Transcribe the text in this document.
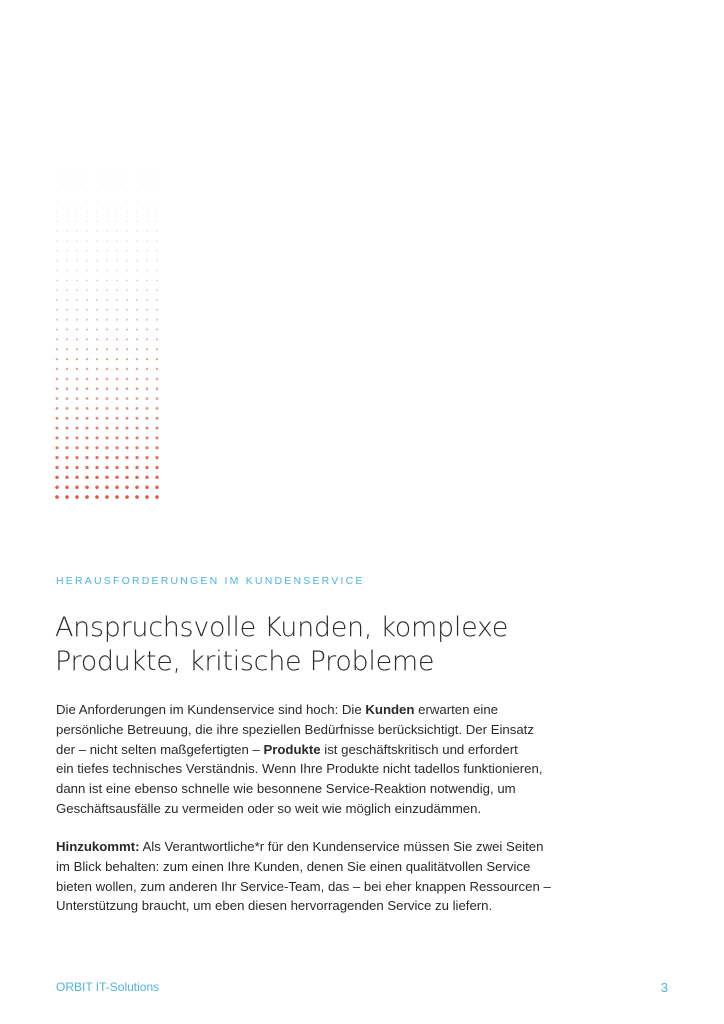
HERAUSFORDERUNGEN IM KUNDENSERVICE
Anspruchsvolle Kunden, komplexe
Produkte, kritische Probleme
Die Anforderungen im Kundenservice sind hoch: Die Kunden erwarten eine
persönliche Betreuung, die ihre speziellen Bedürfnisse berücksichtigt. Der Einsatz
der – nicht selten maßgefertigten – Produkte ist geschäftskritisch und erfordert
ein tiefes technisches Verständnis. Wenn Ihre Produkte nicht tadellos funktionieren,
dann ist eine ebenso schnelle wie besonnene Service-Reaktion notwendig, um
Geschäftsausfälle zu vermeiden oder so weit wie möglich einzudämmen.
Hinzukommt: Als Verantwortliche*r für den Kundenservice müssen Sie zwei Seiten
im Blick behalten: zum einen Ihre Kunden, denen Sie einen qualitätvollen Service
bieten wollen, zum anderen Ihr Service-Team, das – bei eher knappen Ressourcen –
Unterstützung braucht, um eben diesen hervorragenden Service zu liefern.
ORBIT IT-Solutions	3
